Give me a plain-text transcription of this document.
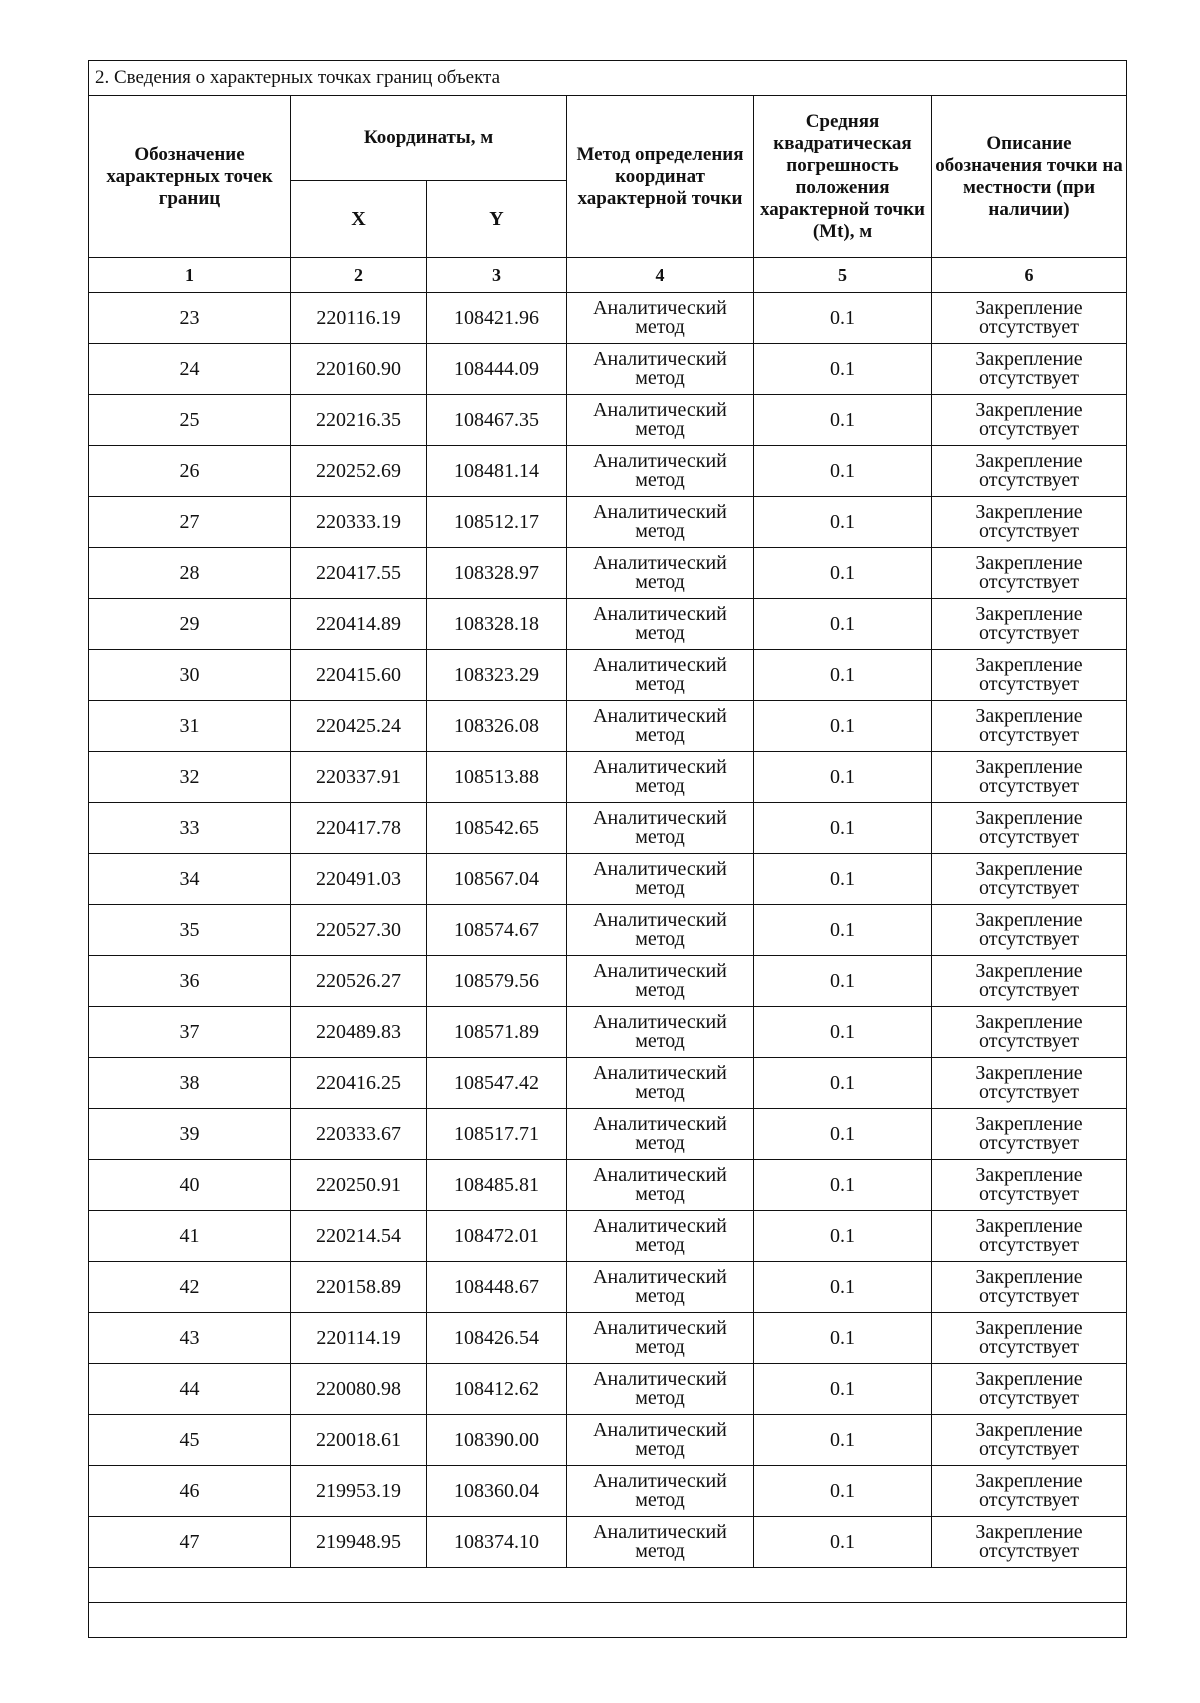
2. Сведения о характерных точках границ объекта					
Обозначение характерных точек границ	Координаты, м		Метод определения координат характерной точки	Средняя квадратическая погрешность положения характерной точки (Mt), м	Описание обозначения точки на местности (при наличии)
	X	Y			
1	2	3	4	5	6
23	220116.19	108421.96	Аналитический метод	0.1	Закрепление отсутствует
24	220160.90	108444.09	Аналитический метод	0.1	Закрепление отсутствует
25	220216.35	108467.35	Аналитический метод	0.1	Закрепление отсутствует
26	220252.69	108481.14	Аналитический метод	0.1	Закрепление отсутствует
27	220333.19	108512.17	Аналитический метод	0.1	Закрепление отсутствует
28	220417.55	108328.97	Аналитический метод	0.1	Закрепление отсутствует
29	220414.89	108328.18	Аналитический метод	0.1	Закрепление отсутствует
30	220415.60	108323.29	Аналитический метод	0.1	Закрепление отсутствует
31	220425.24	108326.08	Аналитический метод	0.1	Закрепление отсутствует
32	220337.91	108513.88	Аналитический метод	0.1	Закрепление отсутствует
33	220417.78	108542.65	Аналитический метод	0.1	Закрепление отсутствует
34	220491.03	108567.04	Аналитический метод	0.1	Закрепление отсутствует
35	220527.30	108574.67	Аналитический метод	0.1	Закрепление отсутствует
36	220526.27	108579.56	Аналитический метод	0.1	Закрепление отсутствует
37	220489.83	108571.89	Аналитический метод	0.1	Закрепление отсутствует
38	220416.25	108547.42	Аналитический метод	0.1	Закрепление отсутствует
39	220333.67	108517.71	Аналитический метод	0.1	Закрепление отсутствует
40	220250.91	108485.81	Аналитический метод	0.1	Закрепление отсутствует
41	220214.54	108472.01	Аналитический метод	0.1	Закрепление отсутствует
42	220158.89	108448.67	Аналитический метод	0.1	Закрепление отсутствует
43	220114.19	108426.54	Аналитический метод	0.1	Закрепление отсутствует
44	220080.98	108412.62	Аналитический метод	0.1	Закрепление отсутствует
45	220018.61	108390.00	Аналитический метод	0.1	Закрепление отсутствует
46	219953.19	108360.04	Аналитический метод	0.1	Закрепление отсутствует
47	219948.95	108374.10	Аналитический метод	0.1	Закрепление отсутствует
